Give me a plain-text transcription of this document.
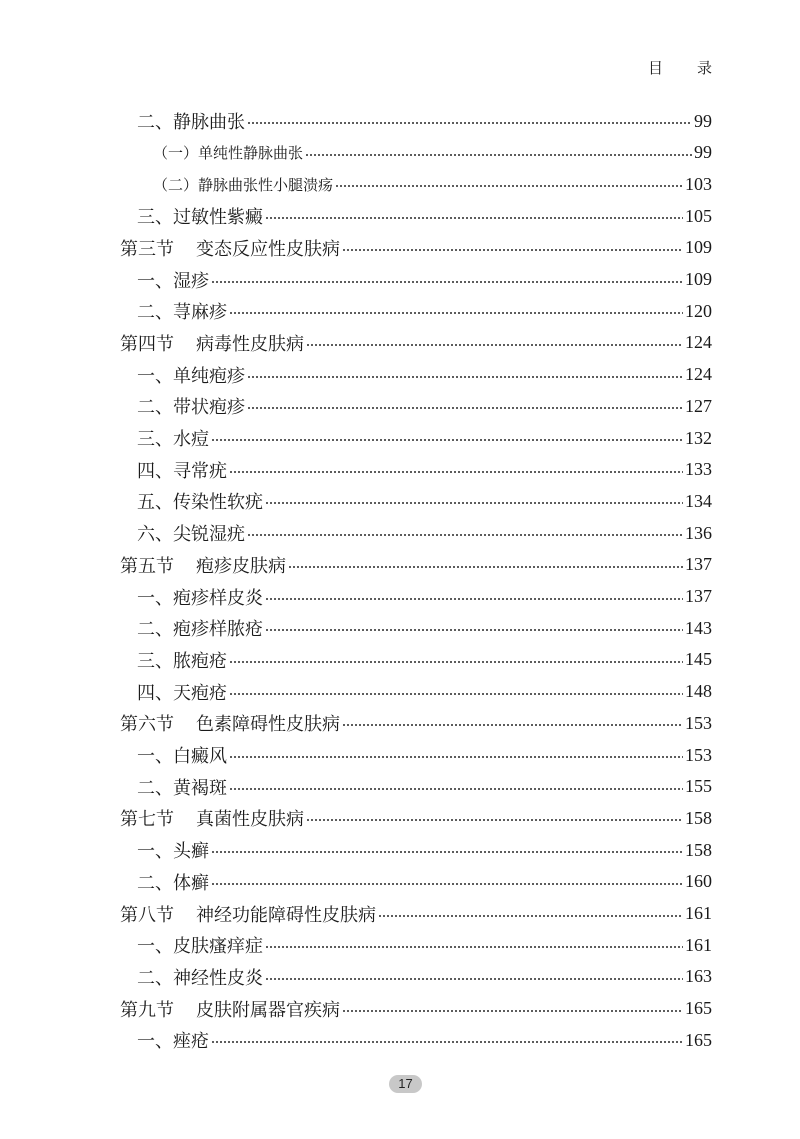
目 录
二、静脉曲张	99
（一）单纯性静脉曲张	99
（二）静脉曲张性小腿溃疡	103
三、过敏性紫癜	105
第三节 变态反应性皮肤病	109
一、湿疹	109
二、荨麻疹	120
第四节 病毒性皮肤病	124
一、单纯疱疹	124
二、带状疱疹	127
三、水痘	132
四、寻常疣	133
五、传染性软疣	134
六、尖锐湿疣	136
第五节 疱疹皮肤病	137
一、疱疹样皮炎	137
二、疱疹样脓疮	143
三、脓疱疮	145
四、天疱疮	148
第六节 色素障碍性皮肤病	153
一、白癜风	153
二、黄褐斑	155
第七节 真菌性皮肤病	158
一、头癣	158
二、体癣	160
第八节 神经功能障碍性皮肤病	161
一、皮肤瘙痒症	161
二、神经性皮炎	163
第九节 皮肤附属器官疾病	165
一、痤疮	165
17
